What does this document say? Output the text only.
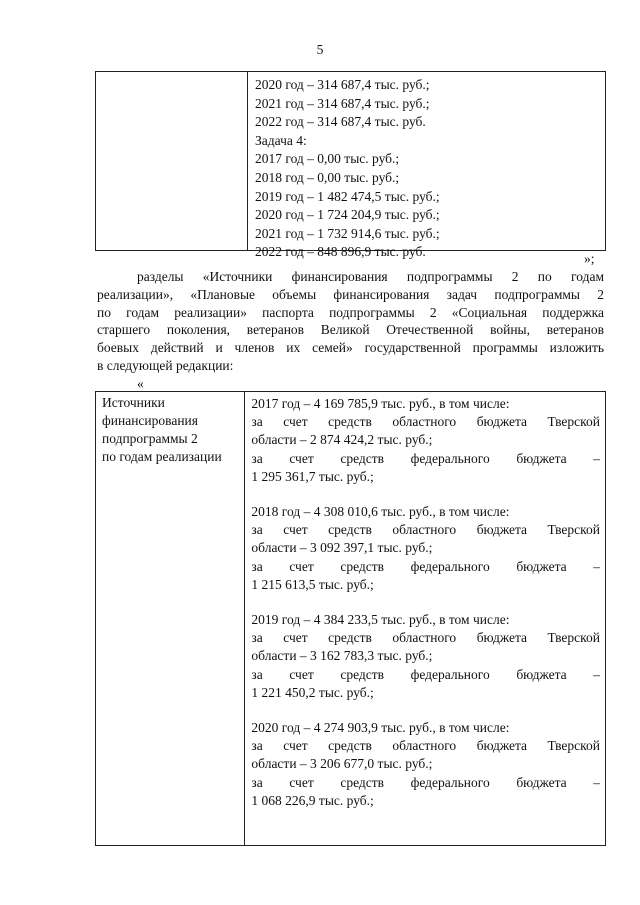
5
2020 год – 314 687,4 тыс. руб.;
2021 год – 314 687,4 тыс. руб.;
2022 год – 314 687,4 тыс. руб.
Задача 4:
2017 год – 0,00 тыс. руб.;
2018 год – 0,00 тыс. руб.;
2019 год – 1 482 474,5 тыс. руб.;
2020 год – 1 724 204,9 тыс. руб.;
2021 год – 1 732 914,6 тыс. руб.;
2022 год – 848 896,9 тыс. руб.	»;
разделы «Источники финансирования подпрограммы 2 по годам
реализации», «Плановые объемы финансирования задач подпрограммы 2
по годам реализации» паспорта подпрограммы 2 «Социальная поддержка
старшего поколения, ветеранов Великой Отечественной войны, ветеранов
боевых действий и членов их семей» государственной программы изложить
в следующей редакции:
«
Источники
финансирования
подпрограммы 2
по годам реализации
2017 год – 4 169 785,9 тыс. руб., в том числе:
за счет средств областного бюджета Тверской
области – 2 874 424,2 тыс. руб.;
за счет средств федерального бюджета –
1 295 361,7 тыс. руб.;
2018 год – 4 308 010,6 тыс. руб., в том числе:
за счет средств областного бюджета Тверской
области – 3 092 397,1 тыс. руб.;
за счет средств федерального бюджета –
1 215 613,5 тыс. руб.;
2019 год – 4 384 233,5 тыс. руб., в том числе:
за счет средств областного бюджета Тверской
области – 3 162 783,3 тыс. руб.;
за счет средств федерального бюджета –
1 221 450,2 тыс. руб.;
2020 год – 4 274 903,9 тыс. руб., в том числе:
за счет средств областного бюджета Тверской
области – 3 206 677,0 тыс. руб.;
за счет средств федерального бюджета –
1 068 226,9 тыс. руб.;
